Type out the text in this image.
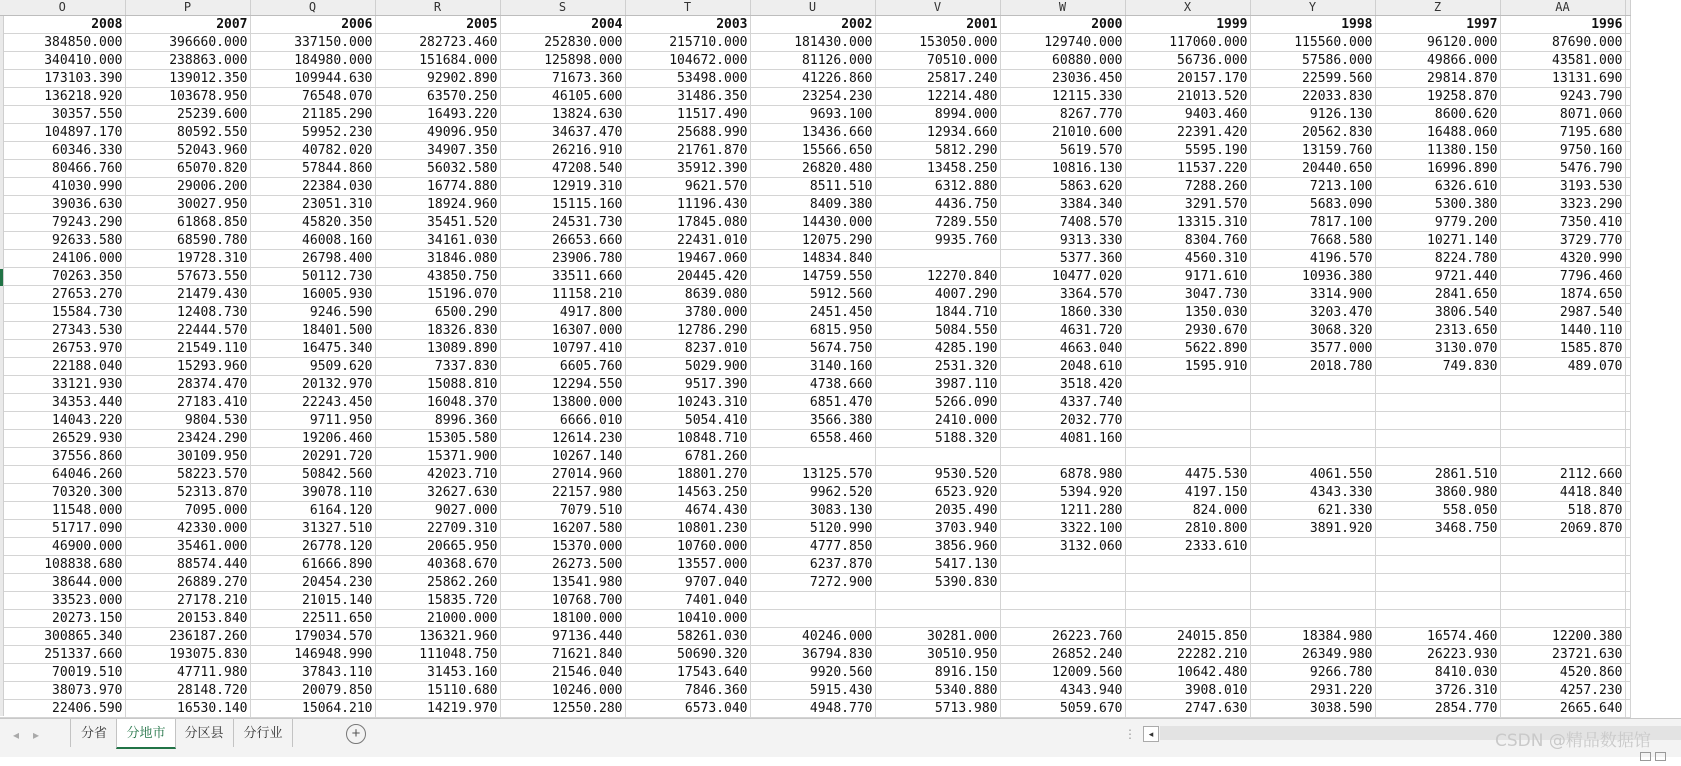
O	P	Q	R	S	T	U	V	W	X	Y	Z	AA	
2008	2007	2006	2005	2004	2003	2002	2001	2000	1999	1998	1997	1996	
384850.000	396660.000	337150.000	282723.460	252830.000	215710.000	181430.000	153050.000	129740.000	117060.000	115560.000	96120.000	87690.000	
340410.000	238863.000	184980.000	151684.000	125898.000	104672.000	81126.000	70510.000	60880.000	56736.000	57586.000	49866.000	43581.000	
173103.390	139012.350	109944.630	92902.890	71673.360	53498.000	41226.860	25817.240	23036.450	20157.170	22599.560	29814.870	13131.690	
136218.920	103678.950	76548.070	63570.250	46105.600	31486.350	23254.230	12214.480	12115.330	21013.520	22033.830	19258.870	9243.790	
30357.550	25239.600	21185.290	16493.220	13824.630	11517.490	9693.100	8994.000	8267.770	9403.460	9126.130	8600.620	8071.060	
104897.170	80592.550	59952.230	49096.950	34637.470	25688.990	13436.660	12934.660	21010.600	22391.420	20562.830	16488.060	7195.680	
60346.330	52043.960	40782.020	34907.350	26216.910	21761.870	15566.650	5812.290	5619.570	5595.190	13159.760	11380.150	9750.160	
80466.760	65070.820	57844.860	56032.580	47208.540	35912.390	26820.480	13458.250	10816.130	11537.220	20440.650	16996.890	5476.790	
41030.990	29006.200	22384.030	16774.880	12919.310	9621.570	8511.510	6312.880	5863.620	7288.260	7213.100	6326.610	3193.530	
39036.630	30027.950	23051.310	18924.960	15115.160	11196.430	8409.380	4436.750	3384.340	3291.570	5683.090	5300.380	3323.290	
79243.290	61868.850	45820.350	35451.520	24531.730	17845.080	14430.000	7289.550	7408.570	13315.310	7817.100	9779.200	7350.410	
92633.580	68590.780	46008.160	34161.030	26653.660	22431.010	12075.290	9935.760	9313.330	8304.760	7668.580	10271.140	3729.770	
24106.000	19728.310	26798.400	31846.080	23906.780	19467.060	14834.840		5377.360	4560.310	4196.570	8224.780	4320.990	
70263.350	57673.550	50112.730	43850.750	33511.660	20445.420	14759.550	12270.840	10477.020	9171.610	10936.380	9721.440	7796.460	
27653.270	21479.430	16005.930	15196.070	11158.210	8639.080	5912.560	4007.290	3364.570	3047.730	3314.900	2841.650	1874.650	
15584.730	12408.730	9246.590	6500.290	4917.800	3780.000	2451.450	1844.710	1860.330	1350.030	3203.470	3806.540	2987.540	
27343.530	22444.570	18401.500	18326.830	16307.000	12786.290	6815.950	5084.550	4631.720	2930.670	3068.320	2313.650	1440.110	
26753.970	21549.110	16475.340	13089.890	10797.410	8237.010	5674.750	4285.190	4663.040	5622.890	3577.000	3130.070	1585.870	
22188.040	15293.960	9509.620	7337.830	6605.760	5029.900	3140.160	2531.320	2048.610	1595.910	2018.780	749.830	489.070	
33121.930	28374.470	20132.970	15088.810	12294.550	9517.390	4738.660	3987.110	3518.420					
34353.440	27183.410	22243.450	16048.370	13800.000	10243.310	6851.470	5266.090	4337.740					
14043.220	9804.530	9711.950	8996.360	6666.010	5054.410	3566.380	2410.000	2032.770					
26529.930	23424.290	19206.460	15305.580	12614.230	10848.710	6558.460	5188.320	4081.160					
37556.860	30109.950	20291.720	15371.900	10267.140	6781.260								
64046.260	58223.570	50842.560	42023.710	27014.960	18801.270	13125.570	9530.520	6878.980	4475.530	4061.550	2861.510	2112.660	
70320.300	52313.870	39078.110	32627.630	22157.980	14563.250	9962.520	6523.920	5394.920	4197.150	4343.330	3860.980	4418.840	
11548.000	7095.000	6164.120	9027.000	7079.510	4674.430	3083.130	2035.490	1211.280	824.000	621.330	558.050	518.870	
51717.090	42330.000	31327.510	22709.310	16207.580	10801.230	5120.990	3703.940	3322.100	2810.800	3891.920	3468.750	2069.870	
46900.000	35461.000	26778.120	20665.950	15370.000	10760.000	4777.850	3856.960	3132.060	2333.610				
108838.680	88574.440	61666.890	40368.670	26273.500	13557.000	6237.870	5417.130						
38644.000	26889.270	20454.230	25862.260	13541.980	9707.040	7272.900	5390.830						
33523.000	27178.210	21015.140	15835.720	10768.700	7401.040								
20273.150	20153.840	22511.650	21000.000	18100.000	10410.000								
300865.340	236187.260	179034.570	136321.960	97136.440	58261.030	40246.000	30281.000	26223.760	24015.850	18384.980	16574.460	12200.380	
251337.660	193075.830	146948.990	111048.750	71621.840	50690.320	36794.830	30510.950	26852.240	22282.210	26349.980	26223.930	23721.630	
70019.510	47711.980	37843.110	31453.160	21546.040	17543.640	9920.560	8916.150	12009.560	10642.480	9266.780	8410.030	4520.860	
38073.970	28148.720	20079.850	15110.680	10246.000	7846.360	5915.430	5340.880	4343.940	3908.010	2931.220	3726.310	4257.230	
22406.590	16530.140	15064.210	14219.970	12550.280	6573.040	4948.770	5713.980	5059.670	2747.630	3038.590	2854.770	2665.640	
◂	▸	分省	分地市	分区县	分行业	+	⋮	◂	CSDN @精品数据馆
